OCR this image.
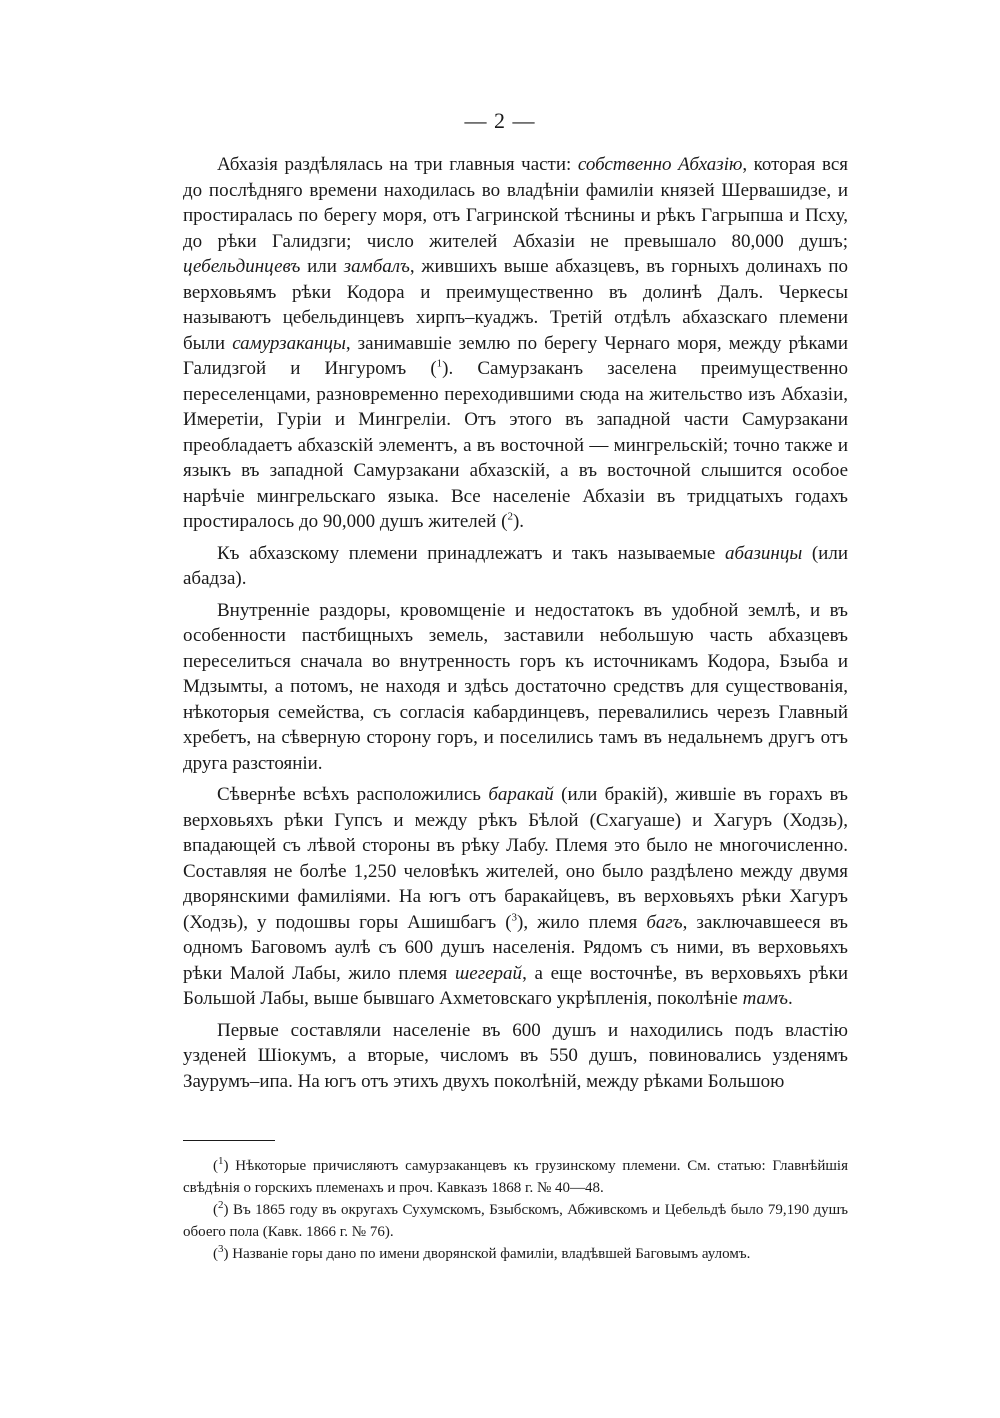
— 2 —

Абхазія раздѣлялась на три главныя части: собственно Абхазію, которая вся до послѣдняго времени находилась во владѣніи фамиліи князей Шервашидзе, и простиралась по берегу моря, отъ Гагринской тѣснины и рѣкъ Гагрыпша и Псху, до рѣки Галидзги; число жителей Абхазіи не превышало 80,000 душъ; цебельдинцевъ или замбалъ, жившихъ выше абхазцевъ, въ горныхъ долинахъ по верховьямъ рѣки Кодора и преимущественно въ долинѣ Далъ. Черкесы называютъ цебельдинцевъ хирпъ–куаджъ. Третій отдѣлъ абхазскаго племени были самурзаканцы, занимавшіе землю по берегу Чернаго моря, между рѣками Галидзгой и Ингуромъ ($^1$). Самурзаканъ заселена преимущественно переселенцами, разновременно переходившими сюда на жительство изъ Абхазіи, Имеретіи, Гуріи и Мингреліи. Отъ этого въ западной части Самурзакани преобладаетъ абхазскій элементъ, а въ восточной — мингрельскій; точно также и языкъ въ западной Самурзакани абхазскій, а въ восточной слышится особое нарѣчіе мингрельскаго языка. Все населеніе Абхазіи въ тридцатыхъ годахъ простиралось до 90,000 душъ жителей ($^2$).

Къ абхазскому племени принадлежатъ и такъ называемые абазинцы (или абадза).

Внутренніе раздоры, кровомщеніе и недостатокъ въ удобной землѣ, и въ особенности пастбищныхъ земель, заставили небольшую часть абхазцевъ переселиться сначала во внутренность горъ къ источникамъ Кодора, Бзыба и Мдзымты, а потомъ, не находя и здѣсь достаточно средствъ для существованія, нѣкоторыя семейства, съ согласія кабардинцевъ, перевалились черезъ Главный хребетъ, на сѣверную сторону горъ, и поселились тамъ въ недальнемъ другъ отъ друга разстояніи.

Сѣвернѣе всѣхъ расположились баракай (или бракій), жившіе въ горахъ въ верховьяхъ рѣки Гупсъ и между рѣкъ Бѣлой (Схагуаше) и Хагуръ (Ходзь), впадающей съ лѣвой стороны въ рѣку Лабу. Племя это было не многочисленно. Составляя не болѣе 1,250 человѣкъ жителей, оно было раздѣлено между двумя дворянскими фамиліями. На югъ отъ баракайцевъ, въ верховьяхъ рѣки Хагуръ (Ходзь), у подошвы горы Ашишбагъ ($^3$), жило племя багъ, заключавшееся въ одномъ Баговомъ аулѣ съ 600 душъ населенія. Рядомъ съ ними, въ верховьяхъ рѣки Малой Лабы, жило племя шегерай, а еще восточнѣе, въ верховьяхъ рѣки Большой Лабы, выше бывшаго Ахметовскаго укрѣпленія, поколѣніе тамъ.

Первые составляли населеніе въ 600 душъ и находились подъ властію узденей Шіокумъ, а вторые, числомъ въ 550 душъ, повиновались узденямъ Заурумъ–ипа. На югъ отъ этихъ двухъ поколѣній, между рѣками Большою

($^1$) Нѣкоторые причисляютъ самурзаканцевъ къ грузинскому племени. См. статью: Главнѣйшія свѣдѣнія о горскихъ племенахъ и проч. Кавказъ 1868 г. № 40—48.

($^2$) Въ 1865 году въ округахъ Сухумскомъ, Бзыбскомъ, Абживскомъ и Цебельдѣ было 79,190 душъ обоего пола (Кавк. 1866 г. № 76).

($^3$) Названіе горы дано по имени дворянской фамиліи, владѣвшей Баговымъ ауломъ.
